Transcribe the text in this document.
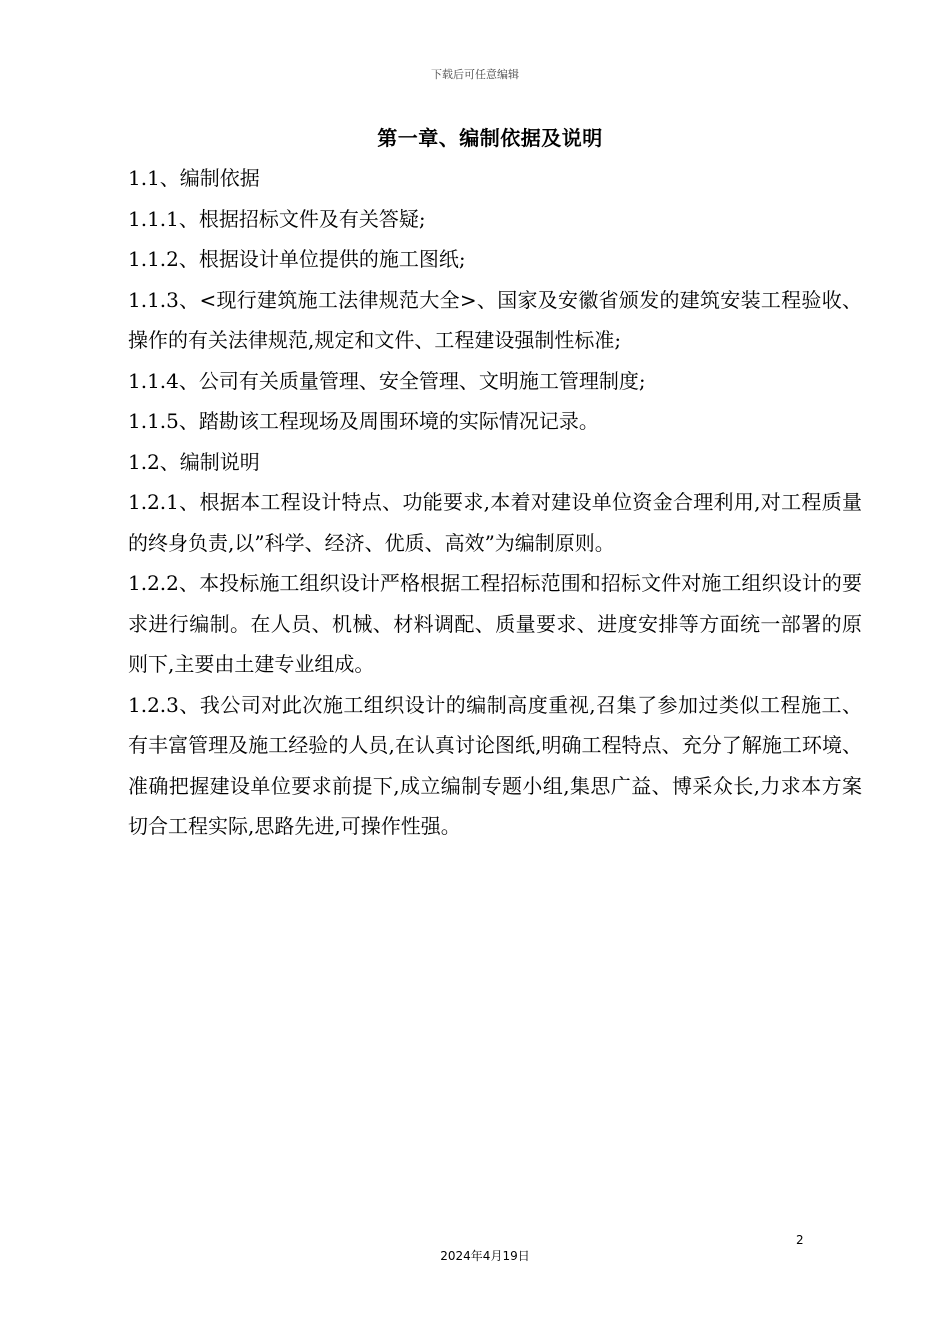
下载后可任意编辑
第一章、编制依据及说明

1.1、编制依据

1.1.1、根据招标文件及有关答疑;

1.1.2、根据设计单位提供的施工图纸;

1.1.3、<现行建筑施工法律规范大全>、国家及安徽省颁发的建筑安装工程验收、操作的有关法律规范,规定和文件、工程建设强制性标准;

1.1.4、公司有关质量管理、安全管理、文明施工管理制度;

1.1.5、踏勘该工程现场及周围环境的实际情况记录。

1.2、编制说明

1.2.1、根据本工程设计特点、功能要求,本着对建设单位资金合理利用,对工程质量的终身负责,以”科学、经济、优质、高效”为编制原则。

1.2.2、本投标施工组织设计严格根据工程招标范围和招标文件对施工组织设计的要求进行编制。在人员、机械、材料调配、质量要求、进度安排等方面统一部署的原则下,主要由土建专业组成。

1.2.3、我公司对此次施工组织设计的编制高度重视,召集了参加过类似工程施工、有丰富管理及施工经验的人员,在认真讨论图纸,明确工程特点、充分了解施工环境、准确把握建设单位要求前提下,成立编制专题小组,集思广益、博采众长,力求本方案切合工程实际,思路先进,可操作性强。

2
2024年4月19日
